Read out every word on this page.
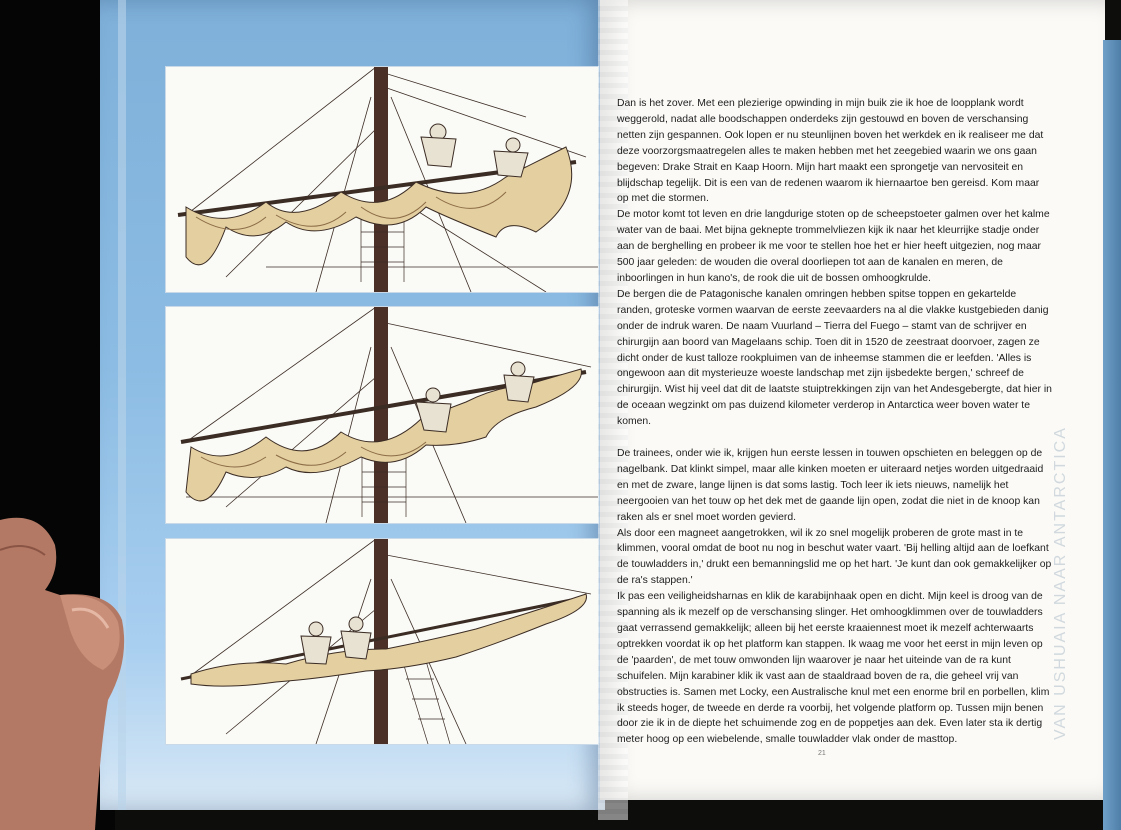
VAN USHUAIA NAAR ANTARCTICA

Dan is het zover. Met een plezierige opwinding in mijn buik zie ik hoe de loopplank wordt weggerold, nadat alle boodschappen onderdeks zijn gestouwd en boven de verschansing netten zijn gespannen. Ook lopen er nu steunlijnen boven het werkdek en ik realiseer me dat deze voorzorgsmaatregelen alles te maken hebben met het zeegebied waarin we ons gaan begeven: Drake Strait en Kaap Hoorn. Mijn hart maakt een sprongetje van nervositeit en blijdschap tegelijk. Dit is een van de redenen waarom ik hiernaartoe ben gereisd. Kom maar op met die stormen.

De motor komt tot leven en drie langdurige stoten op de scheepstoeter galmen over het kalme water van de baai. Met bijna geknepte trommelvliezen kijk ik naar het kleurrijke stadje onder aan de berghelling en probeer ik me voor te stellen hoe het er hier heeft uitgezien, nog maar 500 jaar geleden: de wouden die overal doorliepen tot aan de kanalen en meren, de inboorlingen in hun kano's, de rook die uit de bossen omhoogkrulde.

De bergen die de Patagonische kanalen omringen hebben spitse toppen en gekartelde randen, groteske vormen waarvan de eerste zeevaarders na al die vlakke kustgebieden danig onder de indruk waren. De naam Vuurland – Tierra del Fuego – stamt van de schrijver en chirurgijn aan boord van Magelaans schip. Toen dit in 1520 de zeestraat doorvoer, zagen ze dicht onder de kust talloze rookpluimen van de inheemse stammen die er leefden. 'Alles is ongewoon aan dit mysterieuze woeste landschap met zijn ijsbedekte bergen,' schreef de chirurgijn. Wist hij veel dat dit de laatste stuiptrekkingen zijn van het Andesgebergte, dat hier in de oceaan wegzinkt om pas duizend kilometer verderop in Antarctica weer boven water te komen.

De trainees, onder wie ik, krijgen hun eerste lessen in touwen opschieten en beleggen op de nagelbank. Dat klinkt simpel, maar alle kinken moeten er uiteraard netjes worden uitgedraaid en met de zware, lange lijnen is dat soms lastig. Toch leer ik iets nieuws, namelijk het neergooien van het touw op het dek met de gaande lijn open, zodat die niet in de knoop kan raken als er snel moet worden gevierd.

Als door een magneet aangetrokken, wil ik zo snel mogelijk proberen de grote mast in te klimmen, vooral omdat de boot nu nog in beschut water vaart. 'Bij helling altijd aan de loefkant de touwladders in,' drukt een bemanningslid me op het hart. 'Je kunt dan ook gemakkelijker op de ra's stappen.'

Ik pas een veiligheidsharnas en klik de karabijnhaak open en dicht. Mijn keel is droog van de spanning als ik mezelf op de verschansing slinger. Het omhoogklimmen over de touwladders gaat verrassend gemakkelijk; alleen bij het eerste kraaiennest moet ik mezelf achterwaarts optrekken voordat ik op het platform kan stappen. Ik waag me voor het eerst in mijn leven op de 'paarden', de met touw omwonden lijn waarover je naar het uiteinde van de ra kunt schuifelen. Mijn karabiner klik ik vast aan de staaldraad boven de ra, die geheel vrij van obstructies is. Samen met Locky, een Australische knul met een enorme bril en porbellen, klim ik steeds hoger, de tweede en derde ra voorbij, het volgende platform op. Tussen mijn benen door zie ik in de diepte het schuimende zog en de poppetjes aan dek. Even later sta ik dertig meter hoog op een wiebelende, smalle touwladder vlak onder de masttop.

21
